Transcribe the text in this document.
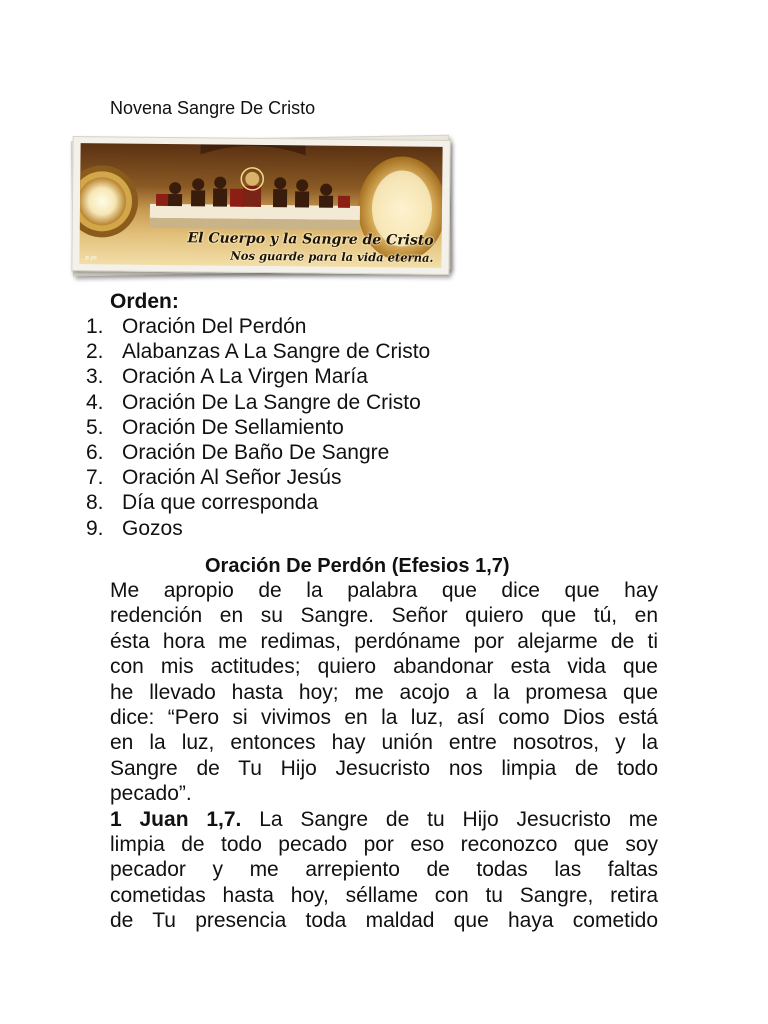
Novena Sangre De Cristo
El Cuerpo y la Sangre de Cristo
Nos guarde para la vida eterna.
p.yo
Orden:
1. Oración Del Perdón
2. Alabanzas A La Sangre de Cristo
3. Oración A La Virgen María
4. Oración De La Sangre de Cristo
5. Oración De Sellamiento
6. Oración De Baño De Sangre
7. Oración Al Señor Jesús
8. Día que corresponda
9. Gozos
Oración De Perdón (Efesios 1,7)
Me apropio de la palabra que dice que hay
redención en su Sangre. Señor quiero que tú, en
ésta hora me redimas, perdóname por alejarme de ti
con mis actitudes; quiero abandonar esta vida que
he llevado hasta hoy; me acojo a la promesa que
dice: “Pero si vivimos en la luz, así como Dios está
en la luz, entonces hay unión entre nosotros, y la
Sangre de Tu Hijo Jesucristo nos limpia de todo
pecado”.
1 Juan 1,7. La Sangre de tu Hijo Jesucristo me
limpia de todo pecado por eso reconozco que soy
pecador y me arrepiento de todas las faltas
cometidas hasta hoy, séllame con tu Sangre, retira
de Tu presencia toda maldad que haya cometido
